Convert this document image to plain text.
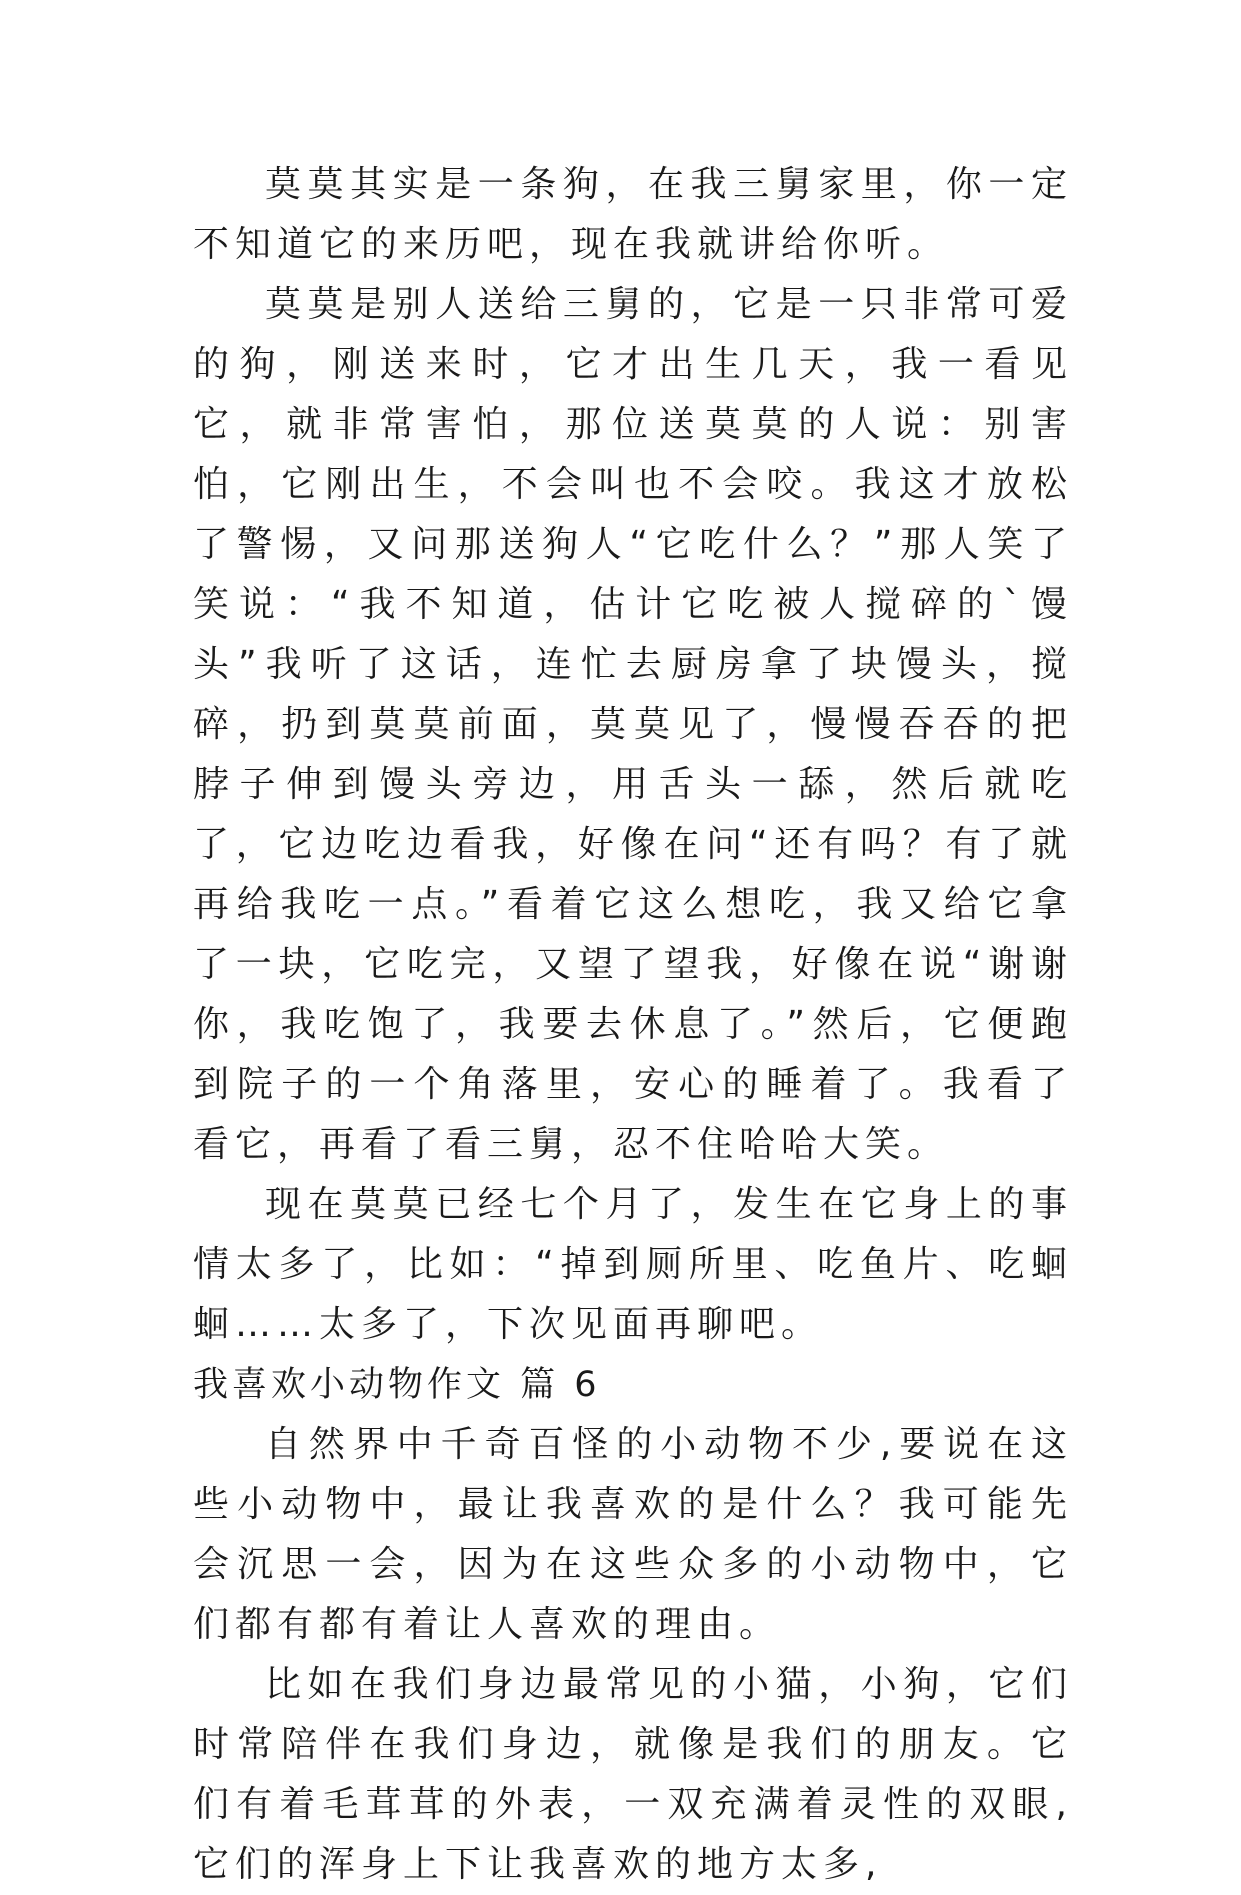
莫莫其实是一条狗，在我三舅家里，你一定不知道它的来历吧，现在我就讲给你听。

莫莫是别人送给三舅的，它是一只非常可爱的狗，刚送来时，它才出生几天，我一看见它，就非常害怕，那位送莫莫的人说：别害怕，它刚出生，不会叫也不会咬。我这才放松了警惕，又问那送狗人“它吃什么？”那人笑了笑说：“我不知道，估计它吃被人搅碎的`馒头”我听了这话，连忙去厨房拿了块馒头，搅碎，扔到莫莫前面，莫莫见了，慢慢吞吞的把脖子伸到馒头旁边，用舌头一舔，然后就吃了，它边吃边看我，好像在问“还有吗？有了就再给我吃一点。”看着它这么想吃，我又给它拿了一块，它吃完，又望了望我，好像在说“谢谢你，我吃饱了，我要去休息了。”然后，它便跑到院子的一个角落里，安心的睡着了。我看了看它，再看了看三舅，忍不住哈哈大笑。

现在莫莫已经七个月了，发生在它身上的事情太多了，比如：“掉到厕所里、吃鱼片、吃蛔蛔……太多了，下次见面再聊吧。

我喜欢小动物作文 篇 6

自然界中千奇百怪的小动物不少,要说在这些小动物中，最让我喜欢的是什么？我可能先会沉思一会，因为在这些众多的小动物中，它们都有都有着让人喜欢的理由。

比如在我们身边最常见的小猫，小狗，它们时常陪伴在我们身边，就像是我们的朋友。它们有着毛茸茸的外表，一双充满着灵性的双眼,它们的浑身上下让我喜欢的地方太多,
